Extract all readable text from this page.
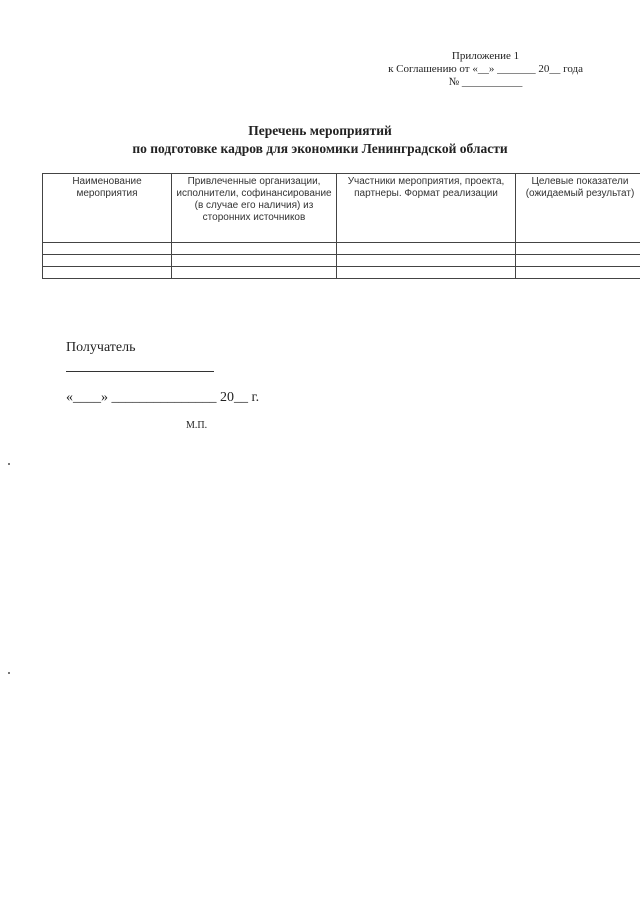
Приложение 1
к Соглашению от «__» _______ 20__ года
№ ___________
Перечень мероприятий
по подготовке кадров для экономики Ленинградской области
Наименование мероприятия	Привлеченные организации, исполнители, софинансирование (в случае его наличия) из сторонних источников	Участники мероприятия, проекта, партнеры. Формат реализации	Целевые показатели (ожидаемый результат)

Получатель
«____» _______________ 20__ г.
М.П.
